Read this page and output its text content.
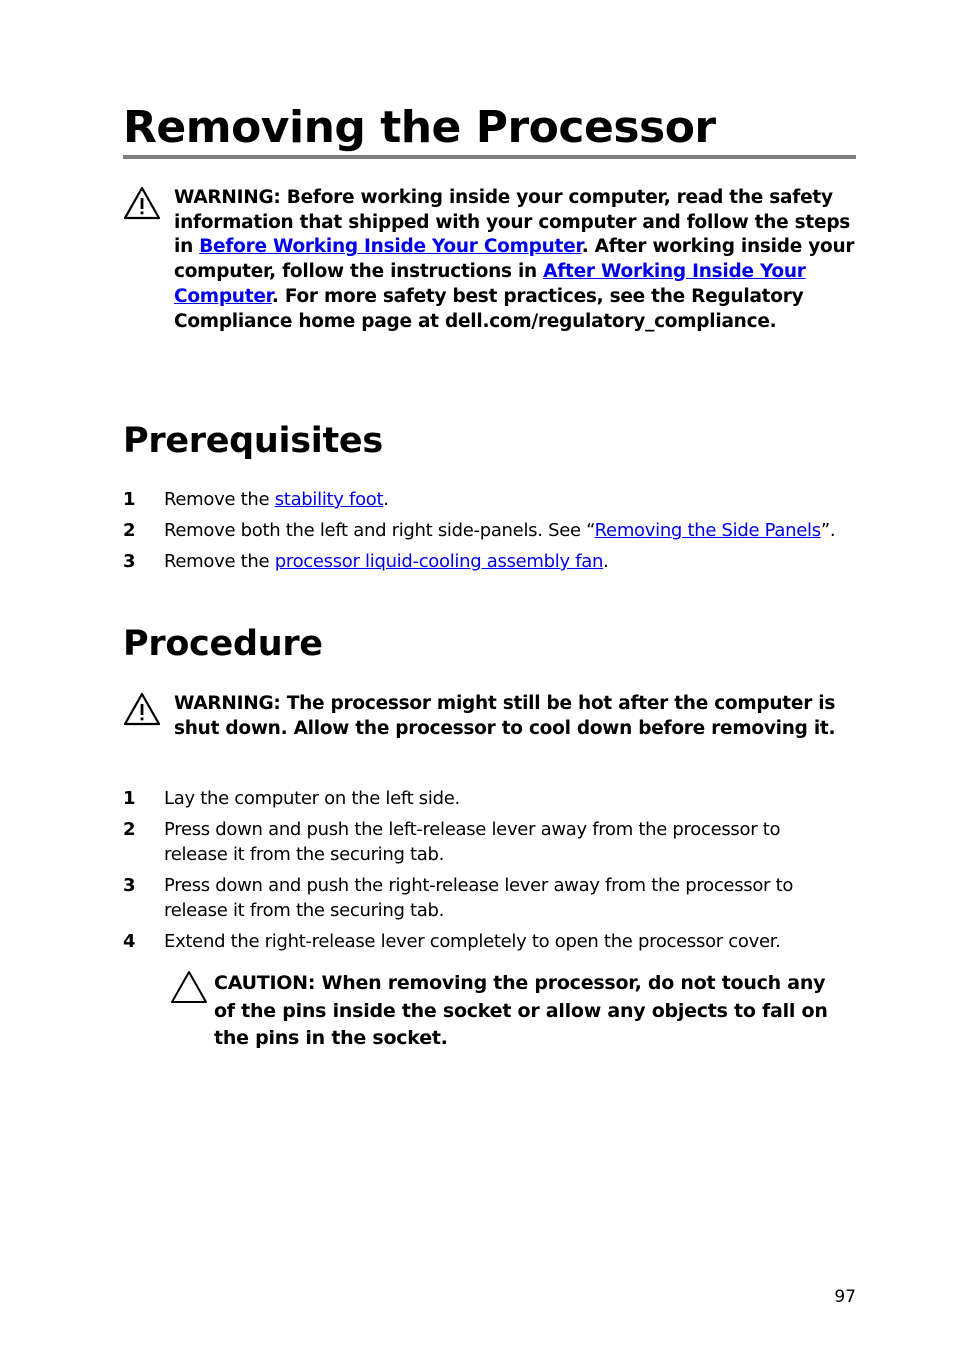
Removing the Processor
WARNING: Before working inside your computer, read the safety information that shipped with your computer and follow the steps in Before Working Inside Your Computer. After working inside your computer, follow the instructions in After Working Inside Your Computer. For more safety best practices, see the Regulatory Compliance home page at dell.com/regulatory_compliance.
Prerequisites
1 Remove the stability foot.
2 Remove both the left and right side-panels. See “Removing the Side Panels”.
3 Remove the processor liquid-cooling assembly fan.
Procedure
WARNING: The processor might still be hot after the computer is shut down. Allow the processor to cool down before removing it.
1 Lay the computer on the left side.
2 Press down and push the left-release lever away from the processor to release it from the securing tab.
3 Press down and push the right-release lever away from the processor to release it from the securing tab.
4 Extend the right-release lever completely to open the processor cover.
CAUTION: When removing the processor, do not touch any of the pins inside the socket or allow any objects to fall on the pins in the socket.
97
